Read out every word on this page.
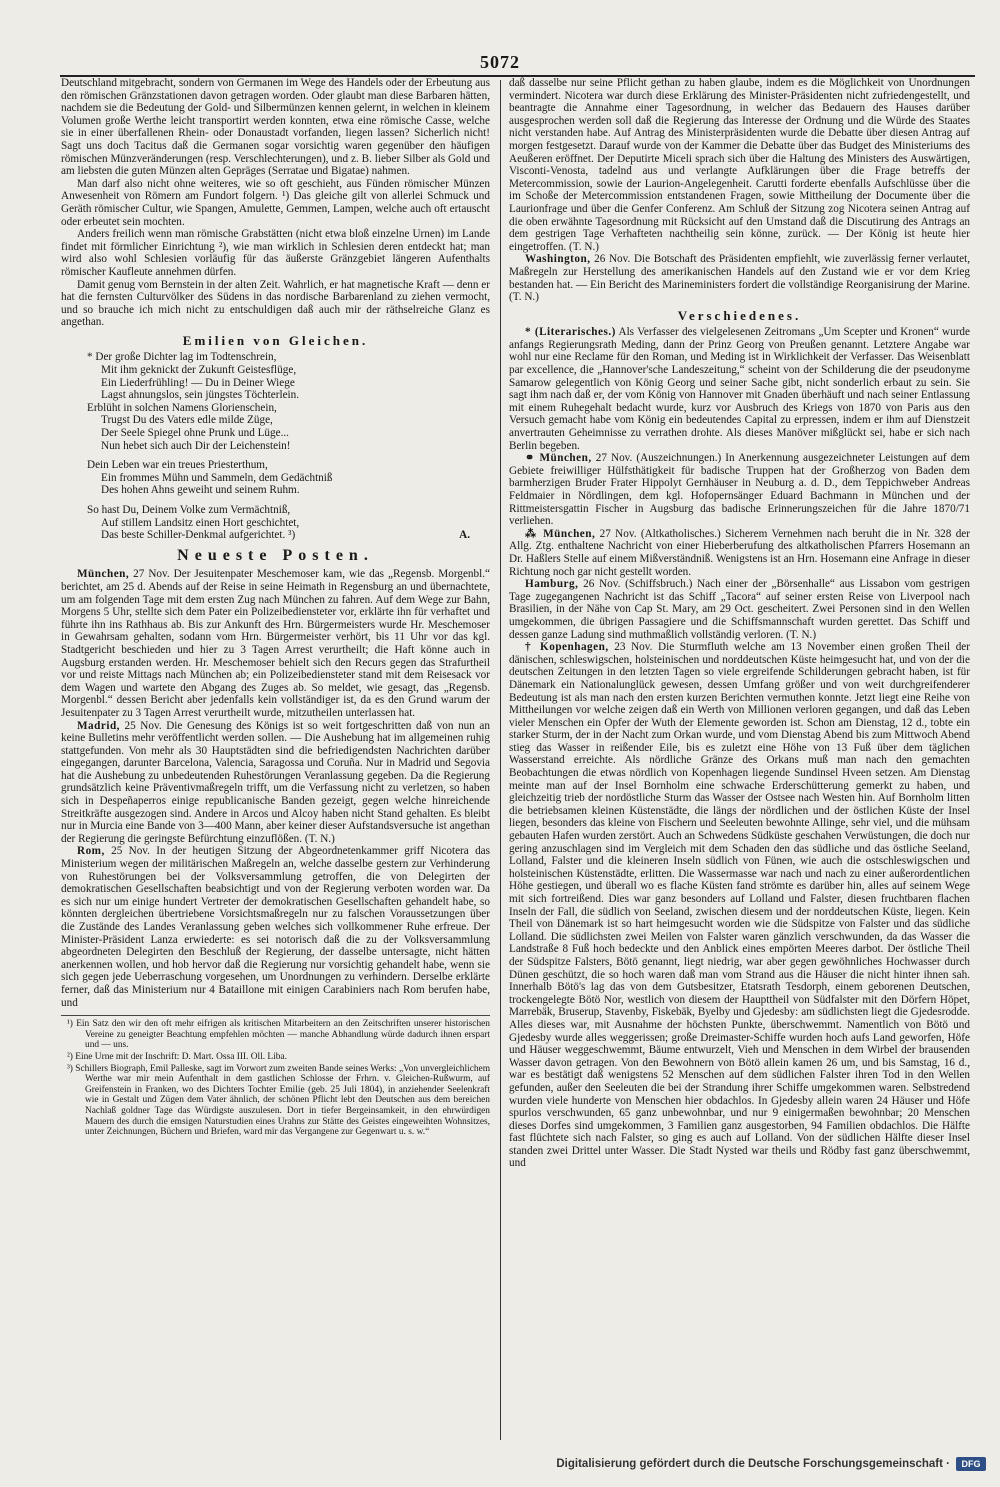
5072

Deutschland mitgebracht, sondern von Germanen im Wege des Handels oder der Erbeutung aus den römischen Gränzstationen davon getragen worden. Oder glaubt man diese Barbaren hätten, nachdem sie die Bedeutung der Gold- und Silbermünzen kennen gelernt, in welchen in kleinem Volumen große Werthe leicht transportirt werden konnten, etwa eine römische Casse, welche sie in einer überfallenen Rhein- oder Donaustadt vorfanden, liegen lassen? Sicherlich nicht! Sagt uns doch Tacitus daß die Germanen sogar vorsichtig waren gegenüber den häufigen römischen Münzveränderungen (resp. Verschlechterungen), und z. B. lieber Silber als Gold und am liebsten die guten Münzen alten Gepräges (Serratae und Bigatae) nahmen.

Man darf also nicht ohne weiteres, wie so oft geschieht, aus Fünden römischer Münzen Anwesenheit von Römern am Fundort folgern. ¹) Das gleiche gilt von allerlei Schmuck und Geräth römischer Cultur, wie Spangen, Amulette, Gemmen, Lampen, welche auch oft ertauscht oder erbeutet sein mochten.

Anders freilich wenn man römische Grabstätten (nicht etwa bloß einzelne Urnen) im Lande findet mit förmlicher Einrichtung ²), wie man wirklich in Schlesien deren entdeckt hat; man wird also wohl Schlesien vorläufig für das äußerste Gränzgebiet längeren Aufenthalts römischer Kaufleute annehmen dürfen.

Damit genug vom Bernstein in der alten Zeit. Wahrlich, er hat magnetische Kraft — denn er hat die fernsten Culturvölker des Südens in das nordische Barbarenland zu ziehen vermocht, und so brauche ich mich nicht zu entschuldigen daß auch mir der räthselreiche Glanz es angethan.

Emilien von Gleichen.

* Der große Dichter lag im Todtenschrein,

Mit ihm geknickt der Zukunft Geistesflüge,

Ein Liederfrühling! — Du in Deiner Wiege

Lagst ahnungslos, sein jüngstes Töchterlein.

Erblüht in solchen Namens Glorienschein,

Trugst Du des Vaters edle milde Züge,

Der Seele Spiegel ohne Prunk und Lüge...

Nun hebet sich auch Dir der Leichenstein!

Dein Leben war ein treues Priesterthum,

Ein frommes Mühn und Sammeln, dem Gedächtniß

Des hohen Ahns geweiht und seinem Ruhm.

So hast Du, Deinem Volke zum Vermächtniß,

Auf stillem Landsitz einen Hort geschichtet,

Das beste Schiller-Denkmal aufgerichtet. ³)	A.

Neueste Posten.

München, 27 Nov. Der Jesuitenpater Meschemoser kam, wie das „Regensb. Morgenbl.“ berichtet, am 25 d. Abends auf der Reise in seine Heimath in Regensburg an und übernachtete, um am folgenden Tage mit dem ersten Zug nach München zu fahren. Auf dem Wege zur Bahn, Morgens 5 Uhr, stellte sich dem Pater ein Polizeibediensteter vor, erklärte ihn für verhaftet und führte ihn ins Rathhaus ab. Bis zur Ankunft des Hrn. Bürgermeisters wurde Hr. Meschemoser in Gewahrsam gehalten, sodann vom Hrn. Bürgermeister verhört, bis 11 Uhr vor das kgl. Stadtgericht beschieden und hier zu 3 Tagen Arrest verurtheilt; die Haft könne auch in Augsburg erstanden werden. Hr. Meschemoser behielt sich den Recurs gegen das Strafurtheil vor und reiste Mittags nach München ab; ein Polizeibediensteter stand mit dem Reisesack vor dem Wagen und wartete den Abgang des Zuges ab. So meldet, wie gesagt, das „Regensb. Morgenbl.“ dessen Bericht aber jedenfalls kein vollständiger ist, da es den Grund warum der Jesuitenpater zu 3 Tagen Arrest verurtheilt wurde, mitzutheilen unterlassen hat.

Madrid, 25 Nov. Die Genesung des Königs ist so weit fortgeschritten daß von nun an keine Bulletins mehr veröffentlicht werden sollen. — Die Aushebung hat im allgemeinen ruhig stattgefunden. Von mehr als 30 Hauptstädten sind die befriedigendsten Nachrichten darüber eingegangen, darunter Barcelona, Valencia, Saragossa und Coruña. Nur in Madrid und Segovia hat die Aushebung zu unbedeutenden Ruhestörungen Veranlassung gegeben. Da die Regierung grundsätzlich keine Präventivmaßregeln trifft, um die Verfassung nicht zu verletzen, so haben sich in Despeñaperros einige republicanische Banden gezeigt, gegen welche hinreichende Streitkräfte ausgezogen sind. Andere in Arcos und Alcoy haben nicht Stand gehalten. Es bleibt nur in Murcia eine Bande von 3—400 Mann, aber keiner dieser Aufstandsversuche ist angethan der Regierung die geringste Befürchtung einzuflößen. (T. N.)

Rom, 25 Nov. In der heutigen Sitzung der Abgeordnetenkammer griff Nicotera das Ministerium wegen der militärischen Maßregeln an, welche dasselbe gestern zur Verhinderung von Ruhestörungen bei der Volksversammlung getroffen, die von Delegirten der demokratischen Gesellschaften beabsichtigt und von der Regierung verboten worden war. Da es sich nur um einige hundert Vertreter der demokratischen Gesellschaften gehandelt habe, so könnten dergleichen übertriebene Vorsichtsmaßregeln nur zu falschen Voraussetzungen über die Zustände des Landes Veranlassung geben welches sich vollkommener Ruhe erfreue. Der Minister-Präsident Lanza erwiederte: es sei notorisch daß die zu der Volksversammlung abgeordneten Delegirten den Beschluß der Regierung, der dasselbe untersagte, nicht hätten anerkennen wollen, und hob hervor daß die Regierung nur vorsichtig gehandelt habe, wenn sie sich gegen jede Ueberraschung vorgesehen, um Unordnungen zu verhindern. Derselbe erklärte ferner, daß das Ministerium nur 4 Bataillone mit einigen Carabiniers nach Rom berufen habe, und

¹) Ein Satz den wir den oft mehr eifrigen als kritischen Mitarbeitern an den Zeitschriften unserer historischen Vereine zu geneigter Beachtung empfehlen möchten — manche Abhandlung würde dadurch ihnen erspart und — uns.

²) Eine Urne mit der Inschrift: D. Mart. Ossa III. Oll. Liba.

³) Schillers Biograph, Emil Palleske, sagt im Vorwort zum zweiten Bande seines Werks: „Von unvergleichlichem Werthe war mir mein Aufenthalt in dem gastlichen Schlosse der Frhrn. v. Gleichen-Rußwurm, auf Greifenstein in Franken, wo des Dichters Tochter Emilie (geb. 25 Juli 1804), in anziehender Seelenkraft wie in Gestalt und Zügen dem Vater ähnlich, der schönen Pflicht lebt den Deutschen aus dem bereichen Nachlaß goldner Tage das Würdigste auszulesen. Dort in tiefer Bergeinsamkeit, in den ehrwürdigen Mauern des durch die emsigen Naturstudien eines Urahns zur Stätte des Geistes eingeweihten Wohnsitzes, unter Zeichnungen, Büchern und Briefen, ward mir das Vergangene zur Gegenwart u. s. w.“

daß dasselbe nur seine Pflicht gethan zu haben glaube, indem es die Möglichkeit von Unordnungen vermindert. Nicotera war durch diese Erklärung des Minister-Präsidenten nicht zufriedengestellt, und beantragte die Annahme einer Tagesordnung, in welcher das Bedauern des Hauses darüber ausgesprochen werden soll daß die Regierung das Interesse der Ordnung und die Würde des Staates nicht verstanden habe. Auf Antrag des Ministerpräsidenten wurde die Debatte über diesen Antrag auf morgen festgesetzt. Darauf wurde von der Kammer die Debatte über das Budget des Ministeriums des Aeußeren eröffnet. Der Deputirte Miceli sprach sich über die Haltung des Ministers des Auswärtigen, Visconti-Venosta, tadelnd aus und verlangte Aufklärungen über die Frage betreffs der Metercommission, sowie der Laurion-Angelegenheit. Carutti forderte ebenfalls Aufschlüsse über die im Schoße der Metercommission entstandenen Fragen, sowie Mittheilung der Documente über die Laurionfrage und über die Genfer Conferenz. Am Schluß der Sitzung zog Nicotera seinen Antrag auf die oben erwähnte Tagesordnung mit Rücksicht auf den Umstand daß die Discutirung des Antrags an dem gestrigen Tage Verhafteten nachtheilig sein könne, zurück. — Der König ist heute hier eingetroffen. (T. N.)

Washington, 26 Nov. Die Botschaft des Präsidenten empfiehlt, wie zuverlässig ferner verlautet, Maßregeln zur Herstellung des amerikanischen Handels auf den Zustand wie er vor dem Krieg bestanden hat. — Ein Bericht des Marineministers fordert die vollständige Reorganisirung der Marine. (T. N.)

Verschiedenes.

* (Literarisches.) Als Verfasser des vielgelesenen Zeitromans „Um Scepter und Kronen“ wurde anfangs Regierungsrath Meding, dann der Prinz Georg von Preußen genannt. Letztere Angabe war wohl nur eine Reclame für den Roman, und Meding ist in Wirklichkeit der Verfasser. Das Weisenblatt par excellence, die „Hannover'sche Landeszeitung,“ scheint von der Schilderung die der pseudonyme Samarow gelegentlich von König Georg und seiner Sache gibt, nicht sonderlich erbaut zu sein. Sie sagt ihm nach daß er, der vom König von Hannover mit Gnaden überhäuft und nach seiner Entlassung mit einem Ruhegehalt bedacht wurde, kurz vor Ausbruch des Kriegs von 1870 von Paris aus den Versuch gemacht habe vom König ein bedeutendes Capital zu erpressen, indem er ihm auf Dienstzeit anvertrauten Geheimnisse zu verrathen drohte. Als dieses Manöver mißglückt sei, habe er sich nach Berlin begeben.

⚭ München, 27 Nov. (Auszeichnungen.) In Anerkennung ausgezeichneter Leistungen auf dem Gebiete freiwilliger Hülfsthätigkeit für badische Truppen hat der Großherzog von Baden dem barmherzigen Bruder Frater Hippolyt Gernhäuser in Neuburg a. d. D., dem Teppichweber Andreas Feldmaier in Nördlingen, dem kgl. Hofopernsänger Eduard Bachmann in München und der Rittmeistersgattin Fischer in Augsburg das badische Erinnerungszeichen für die Jahre 1870/71 verliehen.

⁂ München, 27 Nov. (Altkatholisches.) Sicherem Vernehmen nach beruht die in Nr. 328 der Allg. Ztg. enthaltene Nachricht von einer Hieberberufung des altkatholischen Pfarrers Hosemann an Dr. Haßlers Stelle auf einem Mißverständniß. Wenigstens ist an Hrn. Hosemann eine Anfrage in dieser Richtung noch gar nicht gestellt worden.

Hamburg, 26 Nov. (Schiffsbruch.) Nach einer der „Börsenhalle“ aus Lissabon vom gestrigen Tage zugegangenen Nachricht ist das Schiff „Tacora“ auf seiner ersten Reise von Liverpool nach Brasilien, in der Nähe von Cap St. Mary, am 29 Oct. gescheitert. Zwei Personen sind in den Wellen umgekommen, die übrigen Passagiere und die Schiffsmannschaft wurden gerettet. Das Schiff und dessen ganze Ladung sind muthmaßlich vollständig verloren. (T. N.)

† Kopenhagen, 23 Nov. Die Sturmfluth welche am 13 November einen großen Theil der dänischen, schleswigschen, holsteinischen und norddeutschen Küste heimgesucht hat, und von der die deutschen Zeitungen in den letzten Tagen so viele ergreifende Schilderungen gebracht haben, ist für Dänemark ein Nationalunglück gewesen, dessen Umfang größer und von weit durchgreifenderer Bedeutung ist als man nach den ersten kurzen Berichten vermuthen konnte. Jetzt liegt eine Reihe von Mittheilungen vor welche zeigen daß ein Werth von Millionen verloren gegangen, und daß das Leben vieler Menschen ein Opfer der Wuth der Elemente geworden ist. Schon am Dienstag, 12 d., tobte ein starker Sturm, der in der Nacht zum Orkan wurde, und vom Dienstag Abend bis zum Mittwoch Abend stieg das Wasser in reißender Eile, bis es zuletzt eine Höhe von 13 Fuß über dem täglichen Wasserstand erreichte. Als nördliche Gränze des Orkans muß man nach den gemachten Beobachtungen die etwas nördlich von Kopenhagen liegende Sundinsel Hveen setzen. Am Dienstag meinte man auf der Insel Bornholm eine schwache Erderschütterung gemerkt zu haben, und gleichzeitig trieb der nordöstliche Sturm das Wasser der Ostsee nach Westen hin. Auf Bornholm litten die betriebsamen kleinen Küstenstädte, die längs der nördlichen und der östlichen Küste der Insel liegen, besonders das kleine von Fischern und Seeleuten bewohnte Allinge, sehr viel, und die mühsam gebauten Hafen wurden zerstört. Auch an Schwedens Südküste geschahen Verwüstungen, die doch nur gering anzuschlagen sind im Vergleich mit dem Schaden den das südliche und das östliche Seeland, Lolland, Falster und die kleineren Inseln südlich von Fünen, wie auch die ostschleswigschen und holsteinischen Küstenstädte, erlitten. Die Wassermasse war nach und nach zu einer außerordentlichen Höhe gestiegen, und überall wo es flache Küsten fand strömte es darüber hin, alles auf seinem Wege mit sich fortreißend. Dies war ganz besonders auf Lolland und Falster, diesen fruchtbaren flachen Inseln der Fall, die südlich von Seeland, zwischen diesem und der norddeutschen Küste, liegen. Kein Theil von Dänemark ist so hart heimgesucht worden wie die Südspitze von Falster und das südliche Lolland. Die südlichsten zwei Meilen von Falster waren gänzlich verschwunden, da das Wasser die Landstraße 8 Fuß hoch bedeckte und den Anblick eines empörten Meeres darbot. Der östliche Theil der Südspitze Falsters, Bötö genannt, liegt niedrig, war aber gegen gewöhnliches Hochwasser durch Dünen geschützt, die so hoch waren daß man vom Strand aus die Häuser die nicht hinter ihnen sah. Innerhalb Bötö's lag das von dem Gutsbesitzer, Etatsrath Tesdorph, einem geborenen Deutschen, trockengelegte Bötö Nor, westlich von diesem der Haupttheil von Südfalster mit den Dörfern Höpet, Marrebäk, Bruserup, Stavenby, Fiskebäk, Byelby und Gjedesby: am südlichsten liegt die Gjedesrodde. Alles dieses war, mit Ausnahme der höchsten Punkte, überschwemmt. Namentlich von Bötö und Gjedesby wurde alles weggerissen; große Dreimaster-Schiffe wurden hoch aufs Land geworfen, Höfe und Häuser weggeschwemmt, Bäume entwurzelt, Vieh und Menschen in dem Wirbel der brausenden Wasser davon getragen. Von den Bewohnern von Bötö allein kamen 26 um, und bis Samstag, 16 d., war es bestätigt daß wenigstens 52 Menschen auf dem südlichen Falster ihren Tod in den Wellen gefunden, außer den Seeleuten die bei der Strandung ihrer Schiffe umgekommen waren. Selbstredend wurden viele hunderte von Menschen hier obdachlos. In Gjedesby allein waren 24 Häuser und Höfe spurlos verschwunden, 65 ganz unbewohnbar, und nur 9 einigermaßen bewohnbar; 20 Menschen dieses Dorfes sind umgekommen, 3 Familien ganz ausgestorben, 94 Familien obdachlos. Die Hälfte fast flüchtete sich nach Falster, so ging es auch auf Lolland. Von der südlichen Hälfte dieser Insel standen zwei Drittel unter Wasser. Die Stadt Nysted war theils und Rödby fast ganz überschwemmt, und

Digitalisierung gefördert durch die Deutsche Forschungsgemeinschaft ·	DFG
